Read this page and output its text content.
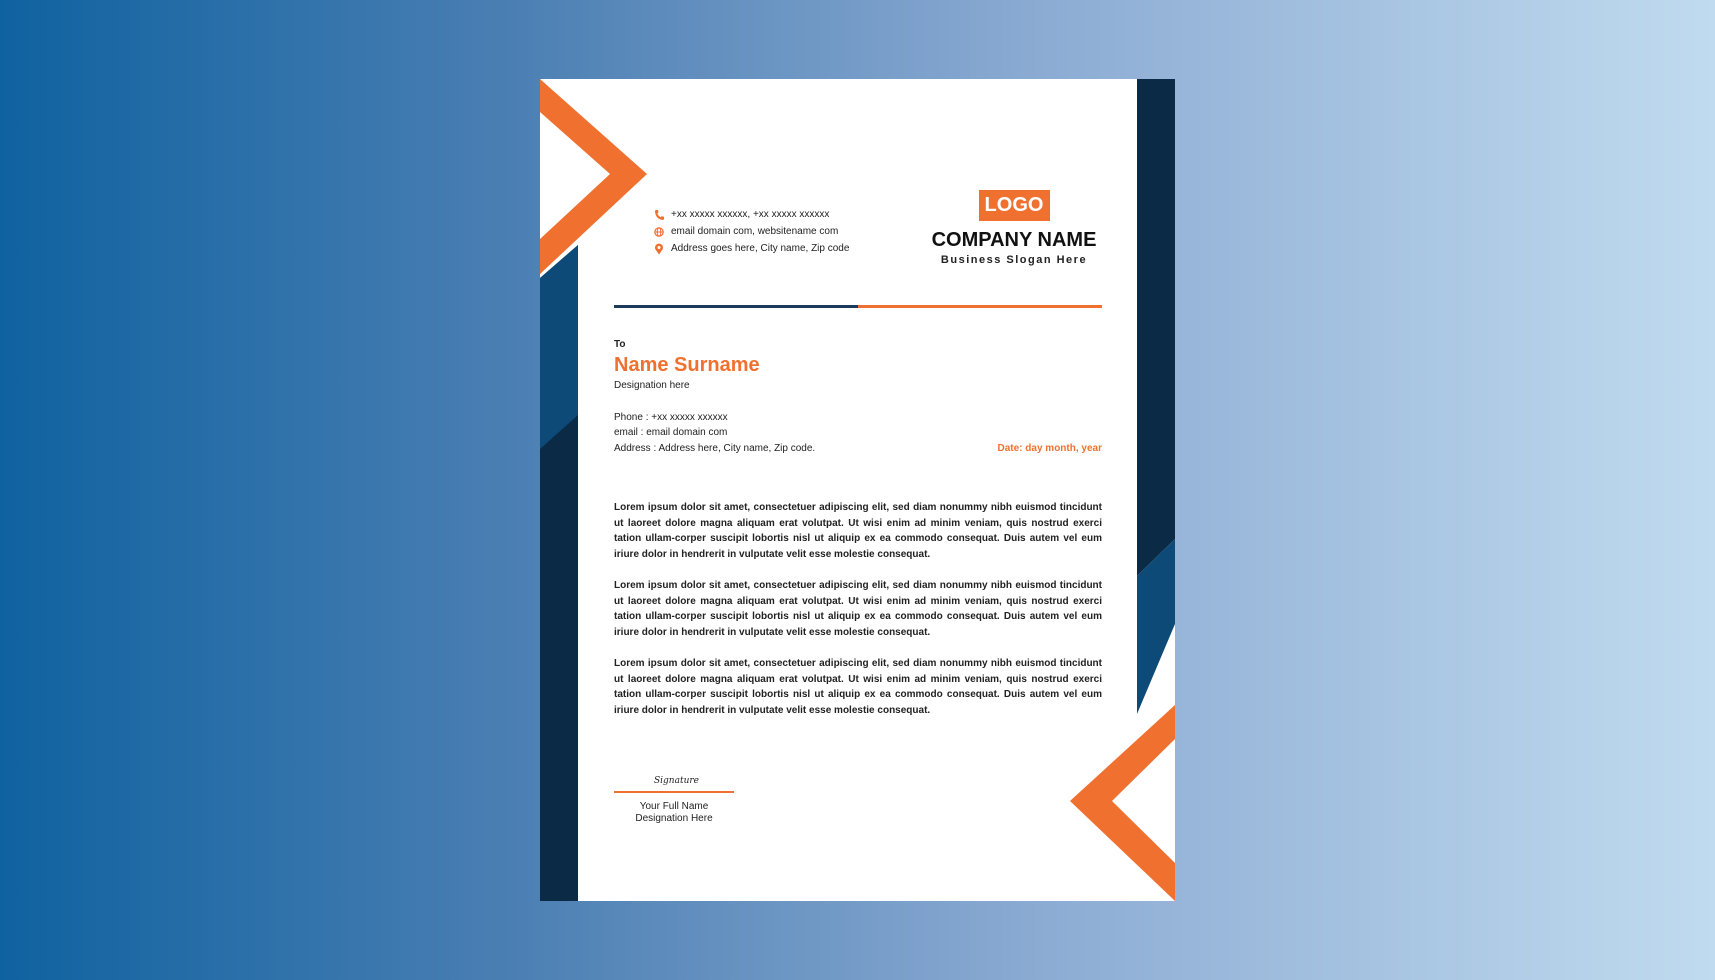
+xx xxxxx xxxxxx, +xx xxxxx xxxxxx
email domain com, websitename com
Address goes here, City name, Zip code
LOGO
COMPANY NAME
Business Slogan Here
To
Name Surname
Designation here
Phone : +xx xxxxx xxxxxx
email : email domain com
Address : Address here, City name, Zip code.	Date: day month, year

Lorem ipsum dolor sit amet, consectetuer adipiscing elit, sed diam nonummy nibh euismod tincidunt ut laoreet dolore magna aliquam erat volutpat. Ut wisi enim ad minim veniam, quis nostrud exerci tation ullam-corper suscipit lobortis nisl ut aliquip ex ea commodo consequat. Duis autem vel eum iriure dolor in hendrerit in vulputate velit esse molestie consequat.

Lorem ipsum dolor sit amet, consectetuer adipiscing elit, sed diam nonummy nibh euismod tincidunt ut laoreet dolore magna aliquam erat volutpat. Ut wisi enim ad minim veniam, quis nostrud exerci tation ullam-corper suscipit lobortis nisl ut aliquip ex ea commodo consequat. Duis autem vel eum iriure dolor in hendrerit in vulputate velit esse molestie consequat.

Lorem ipsum dolor sit amet, consectetuer adipiscing elit, sed diam nonummy nibh euismod tincidunt ut laoreet dolore magna aliquam erat volutpat. Ut wisi enim ad minim veniam, quis nostrud exerci tation ullam-corper suscipit lobortis nisl ut aliquip ex ea commodo consequat. Duis autem vel eum iriure dolor in hendrerit in vulputate velit esse molestie consequat.

Signature
Your Full Name
Designation Here
